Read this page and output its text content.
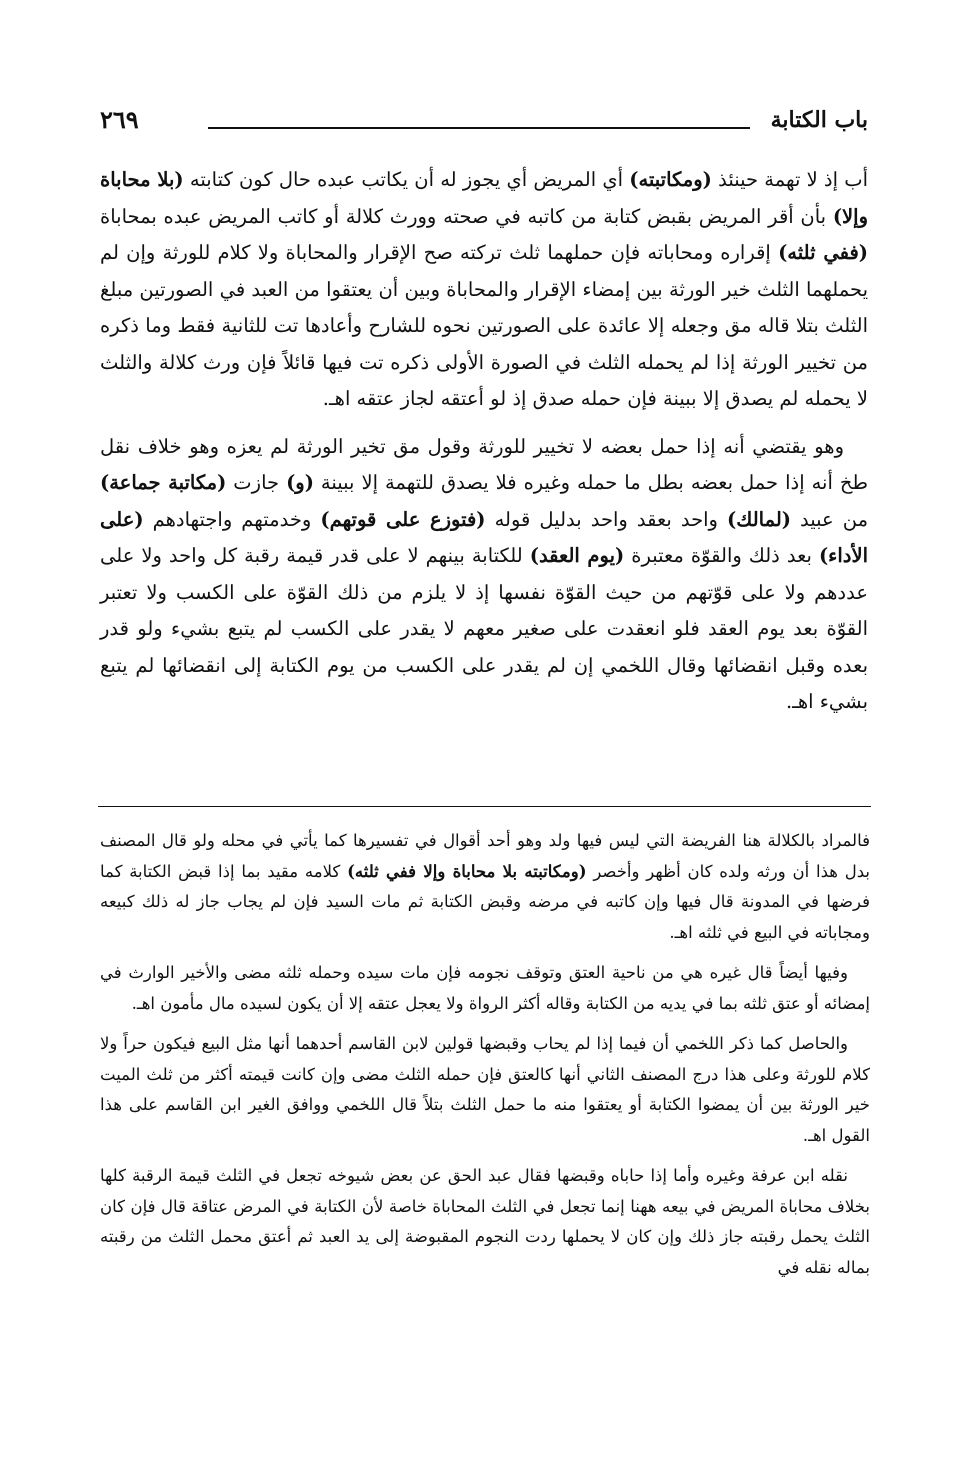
باب الكتابة
٢٦٩

أب إذ لا تهمة حينئذ (ومكاتبته) أي المريض أي يجوز له أن يكاتب عبده حال كون كتابته (بلا محاباة وإلا) بأن أقر المريض بقبض كتابة من كاتبه في صحته وورث كلالة أو كاتب المريض عبده بمحاباة (ففي ثلثه) إقراره ومحاباته فإن حملهما ثلث تركته صح الإقرار والمحاباة ولا كلام للورثة وإن لم يحملهما الثلث خير الورثة بين إمضاء الإقرار والمحاباة وبين أن يعتقوا من العبد في الصورتين مبلغ الثلث بتلا قاله مق وجعله إلا عائدة على الصورتين نحوه للشارح وأعادها تت للثانية فقط وما ذكره من تخيير الورثة إذا لم يحمله الثلث في الصورة الأولى ذكره تت فيها قائلاً فإن ورث كلالة والثلث لا يحمله لم يصدق إلا ببينة فإن حمله صدق إذ لو أعتقه لجاز عتقه اهـ.

وهو يقتضي أنه إذا حمل بعضه لا تخيير للورثة وقول مق تخير الورثة لم يعزه وهو خلاف نقل طخ أنه إذا حمل بعضه بطل ما حمله وغيره فلا يصدق للتهمة إلا ببينة (و) جازت (مكاتبة جماعة) من عبيد (لمالك) واحد بعقد واحد بدليل قوله (فتوزع على قوتهم) وخدمتهم واجتهادهم (على الأداء) بعد ذلك والقوّة معتبرة (يوم العقد) للكتابة بينهم لا على قدر قيمة رقبة كل واحد ولا على عددهم ولا على قوّتهم من حيث القوّة نفسها إذ لا يلزم من ذلك القوّة على الكسب ولا تعتبر القوّة بعد يوم العقد فلو انعقدت على صغير معهم لا يقدر على الكسب لم يتبع بشيء ولو قدر بعده وقبل انقضائها وقال اللخمي إن لم يقدر على الكسب من يوم الكتابة إلى انقضائها لم يتبع بشيء اهـ.

فالمراد بالكلالة هنا الفريضة التي ليس فيها ولد وهو أحد أقوال في تفسيرها كما يأتي في محله ولو قال المصنف بدل هذا أن ورثه ولده كان أظهر وأخصر (ومكاتبته بلا محاباة وإلا ففي ثلثه) كلامه مقيد بما إذا قبض الكتابة كما فرضها في المدونة قال فيها وإن كاتبه في مرضه وقبض الكتابة ثم مات السيد فإن لم يجاب جاز له ذلك كبيعه ومجاباته في البيع في ثلثه اهـ.

وفيها أيضاً قال غيره هي من ناحية العتق وتوقف نجومه فإن مات سيده وحمله ثلثه مضى والأخير الوارث في إمضائه أو عتق ثلثه بما في يديه من الكتابة وقاله أكثر الرواة ولا يعجل عتقه إلا أن يكون لسيده مال مأمون اهـ.

والحاصل كما ذكر اللخمي أن فيما إذا لم يحاب وقبضها قولين لابن القاسم أحدهما أنها مثل البيع فيكون حراً ولا كلام للورثة وعلى هذا درج المصنف الثاني أنها كالعتق فإن حمله الثلث مضى وإن كانت قيمته أكثر من ثلث الميت خير الورثة بين أن يمضوا الكتابة أو يعتقوا منه ما حمل الثلث بتلاً قال اللخمي ووافق الغير ابن القاسم على هذا القول اهـ.

نقله ابن عرفة وغيره وأما إذا حاباه وقبضها فقال عبد الحق عن بعض شيوخه تجعل في الثلث قيمة الرقبة كلها بخلاف محاباة المريض في بيعه ههنا إنما تجعل في الثلث المحاباة خاصة لأن الكتابة في المرض عتاقة قال فإن كان الثلث يحمل رقبته جاز ذلك وإن كان لا يحملها ردت النجوم المقبوضة إلى يد العبد ثم أعتق محمل الثلث من رقبته بماله نقله في
